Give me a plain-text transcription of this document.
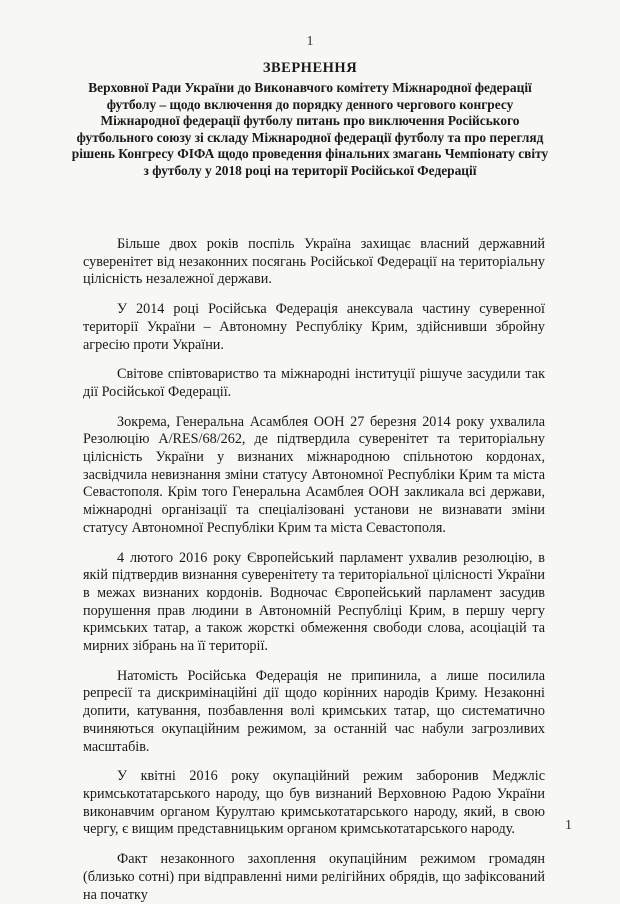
1
ЗВЕРНЕННЯ
Верховної Ради України до Виконавчого комітету Міжнародної федерації футболу – щодо включення до порядку денного чергового конгресу Міжнародної федерації футболу питань про виключення Російського футбольного союзу зі складу Міжнародної федерації футболу та про перегляд рішень Конгресу ФІФА щодо проведення фінальних змагань Чемпіонату світу з футболу у 2018 році на території Російської Федерації

Більше двох років поспіль Україна захищає власний державний суверенітет від незаконних посягань Російської Федерації на територіальну цілісність незалежної держави.

У 2014 році Російська Федерація анексувала частину суверенної території України – Автономну Республіку Крим, здійснивши збройну агресію проти України.

Світове співтовариство та міжнародні інституції рішуче засудили так дії Російської Федерації.

Зокрема, Генеральна Асамблея ООН 27 березня 2014 року ухвалила Резолюцію A/RES/68/262, де підтвердила суверенітет та територіальну цілісність України у визнаних міжнародною спільнотою кордонах, засвідчила невизнання зміни статусу Автономної Республіки Крим та міста Севастополя. Крім того Генеральна Асамблея ООН закликала всі держави, міжнародні організації та спеціалізовані установи не визнавати зміни статусу Автономної Республіки Крим та міста Севастополя.

4 лютого 2016 року Європейський парламент ухвалив резолюцію, в якій підтвердив визнання суверенітету та територіальної цілісності України в межах визнаних кордонів. Водночас Європейський парламент засудив порушення прав людини в Автономній Республіці Крим, в першу чергу кримських татар, а також жорсткі обмеження свободи слова, асоціацій та мирних зібрань на її території.

Натомість Російська Федерація не припинила, а лише посилила репресії та дискримінаційні дії щодо корінних народів Криму. Незаконні допити, катування, позбавлення волі кримських татар, що систематично вчиняються окупаційним режимом, за останній час набули загрозливих масштабів.

У квітні 2016 року окупаційний режим заборонив Меджліс кримськотатарського народу, що був визнаний Верховною Радою України виконавчим органом Курултаю кримськотатарського народу, який, в свою чергу, є вищим представницьким органом кримськотатарського народу.

Факт незаконного захоплення окупаційним режимом громадян (близько сотні) при відправленні ними релігійних обрядів, що зафіксований на початку

1
